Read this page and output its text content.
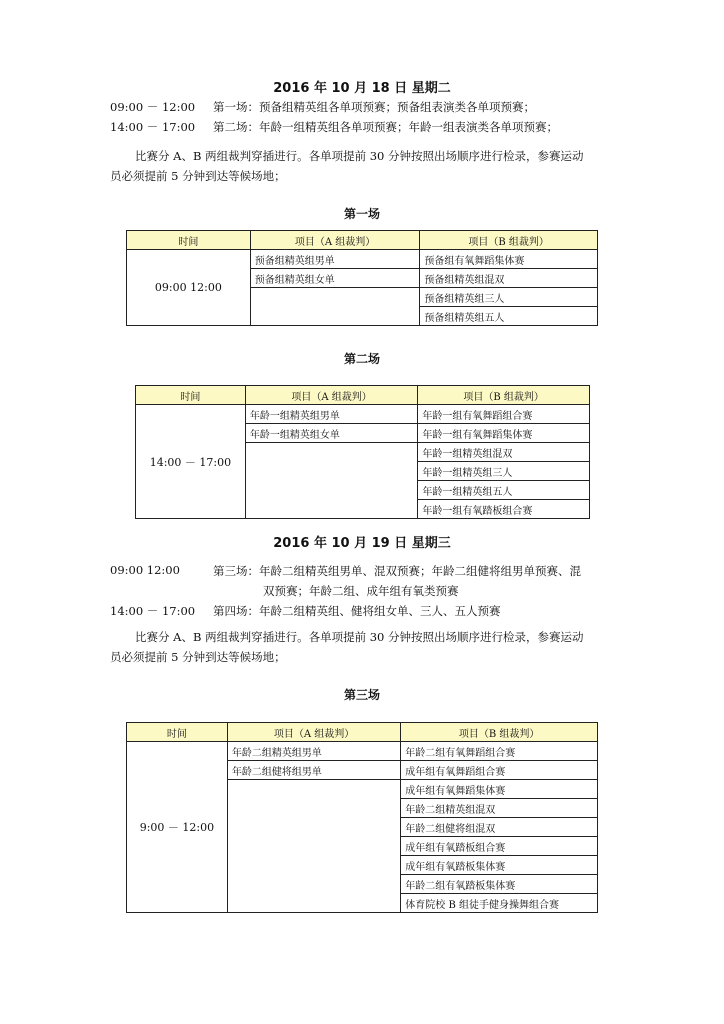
2016 年 10 月 18 日 星期二
09:00 － 12:00 第一场：预备组精英组各单项预赛；预备组表演类各单项预赛；
14:00 － 17:00 第二场：年龄一组精英组各单项预赛；年龄一组表演类各单项预赛；
比赛分 A、B 两组裁判穿插进行。各单项提前 30 分钟按照出场顺序进行检录，参赛运动
员必须提前 5 分钟到达等候场地；
第一场
时间	项目（A 组裁判）	项目（B 组裁判）
09:00 12:00	预备组精英组男单	预备组有氧舞蹈集体赛
	预备组精英组女单	预备组精英组混双
		预备组精英组三人
		预备组精英组五人
第二场
时间	项目（A 组裁判）	项目（B 组裁判）
14:00 － 17:00	年龄一组精英组男单	年龄一组有氧舞蹈组合赛
	年龄一组精英组女单	年龄一组有氧舞蹈集体赛
		年龄一组精英组混双
		年龄一组精英组三人
		年龄一组精英组五人
		年龄一组有氧踏板组合赛
2016 年 10 月 19 日 星期三
09:00 12:00	第三场：年龄二组精英组男单、混双预赛；年龄二组健将组男单预赛、混
双预赛；年龄二组、成年组有氧类预赛
14:00 － 17:00 第四场：年龄二组精英组、健将组女单、三人、五人预赛
比赛分 A、B 两组裁判穿插进行。各单项提前 30 分钟按照出场顺序进行检录，参赛运动
员必须提前 5 分钟到达等候场地；
第三场
时间	项目（A 组裁判）	项目（B 组裁判）
9:00 － 12:00	年龄二组精英组男单	年龄二组有氧舞蹈组合赛
	年龄二组健将组男单	成年组有氧舞蹈组合赛
		成年组有氧舞蹈集体赛
		年龄二组精英组混双
		年龄二组健将组混双
		成年组有氧踏板组合赛
		成年组有氧踏板集体赛
		年龄二组有氧踏板集体赛
		体育院校 B 组徒手健身操舞组合赛
